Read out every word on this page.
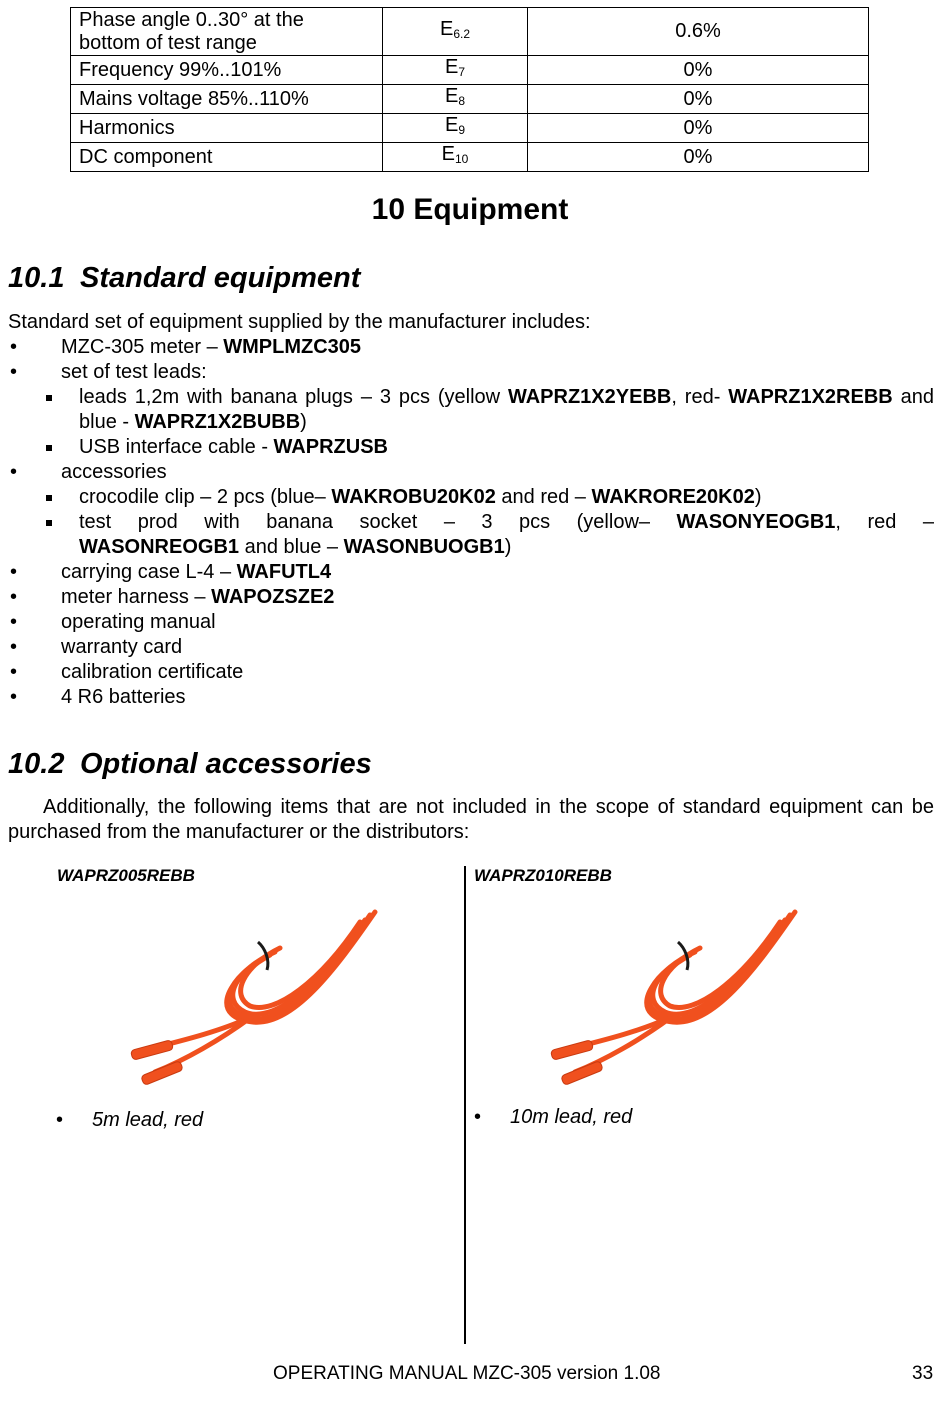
Phase angle 0..30° at the
bottom of test range	$E_{6.2}$	0.6%
Frequency 99%..101%	$E_7$	0%
Mains voltage 85%..110%	$E_8$	0%
Harmonics	$E_9$	0%
DC component	$E_{10}$	0%
10 Equipment
10.1 Standard equipment
Standard set of equipment supplied by the manufacturer includes:
• MZC-305 meter – WMPLMZC305
• set of test leads:
leads 1,2m with banana plugs – 3 pcs (yellow WAPRZ1X2YEBB, red- WAPRZ1X2REBB and blue - WAPRZ1X2BUBB)
USB interface cable - WAPRZUSB
• accessories
crocodile clip – 2 pcs (blue– WAKROBU20K02 and red – WAKRORE20K02)
test prod with banana socket – 3 pcs (yellow– WASONYEOGB1, red – WASONREOGB1 and blue – WASONBUOGB1)
• carrying case L-4 – WAFUTL4
• meter harness – WAPOZSZE2
• operating manual
• warranty card
• calibration certificate
• 4 R6 batteries
10.2 Optional accessories
Additionally, the following items that are not included in the scope of standard equipment can be purchased from the manufacturer or the distributors:
WAPRZ005REBB	WAPRZ010REBB
• 5m lead, red	• 10m lead, red
OPERATING MANUAL MZC-305 version 1.08	33
